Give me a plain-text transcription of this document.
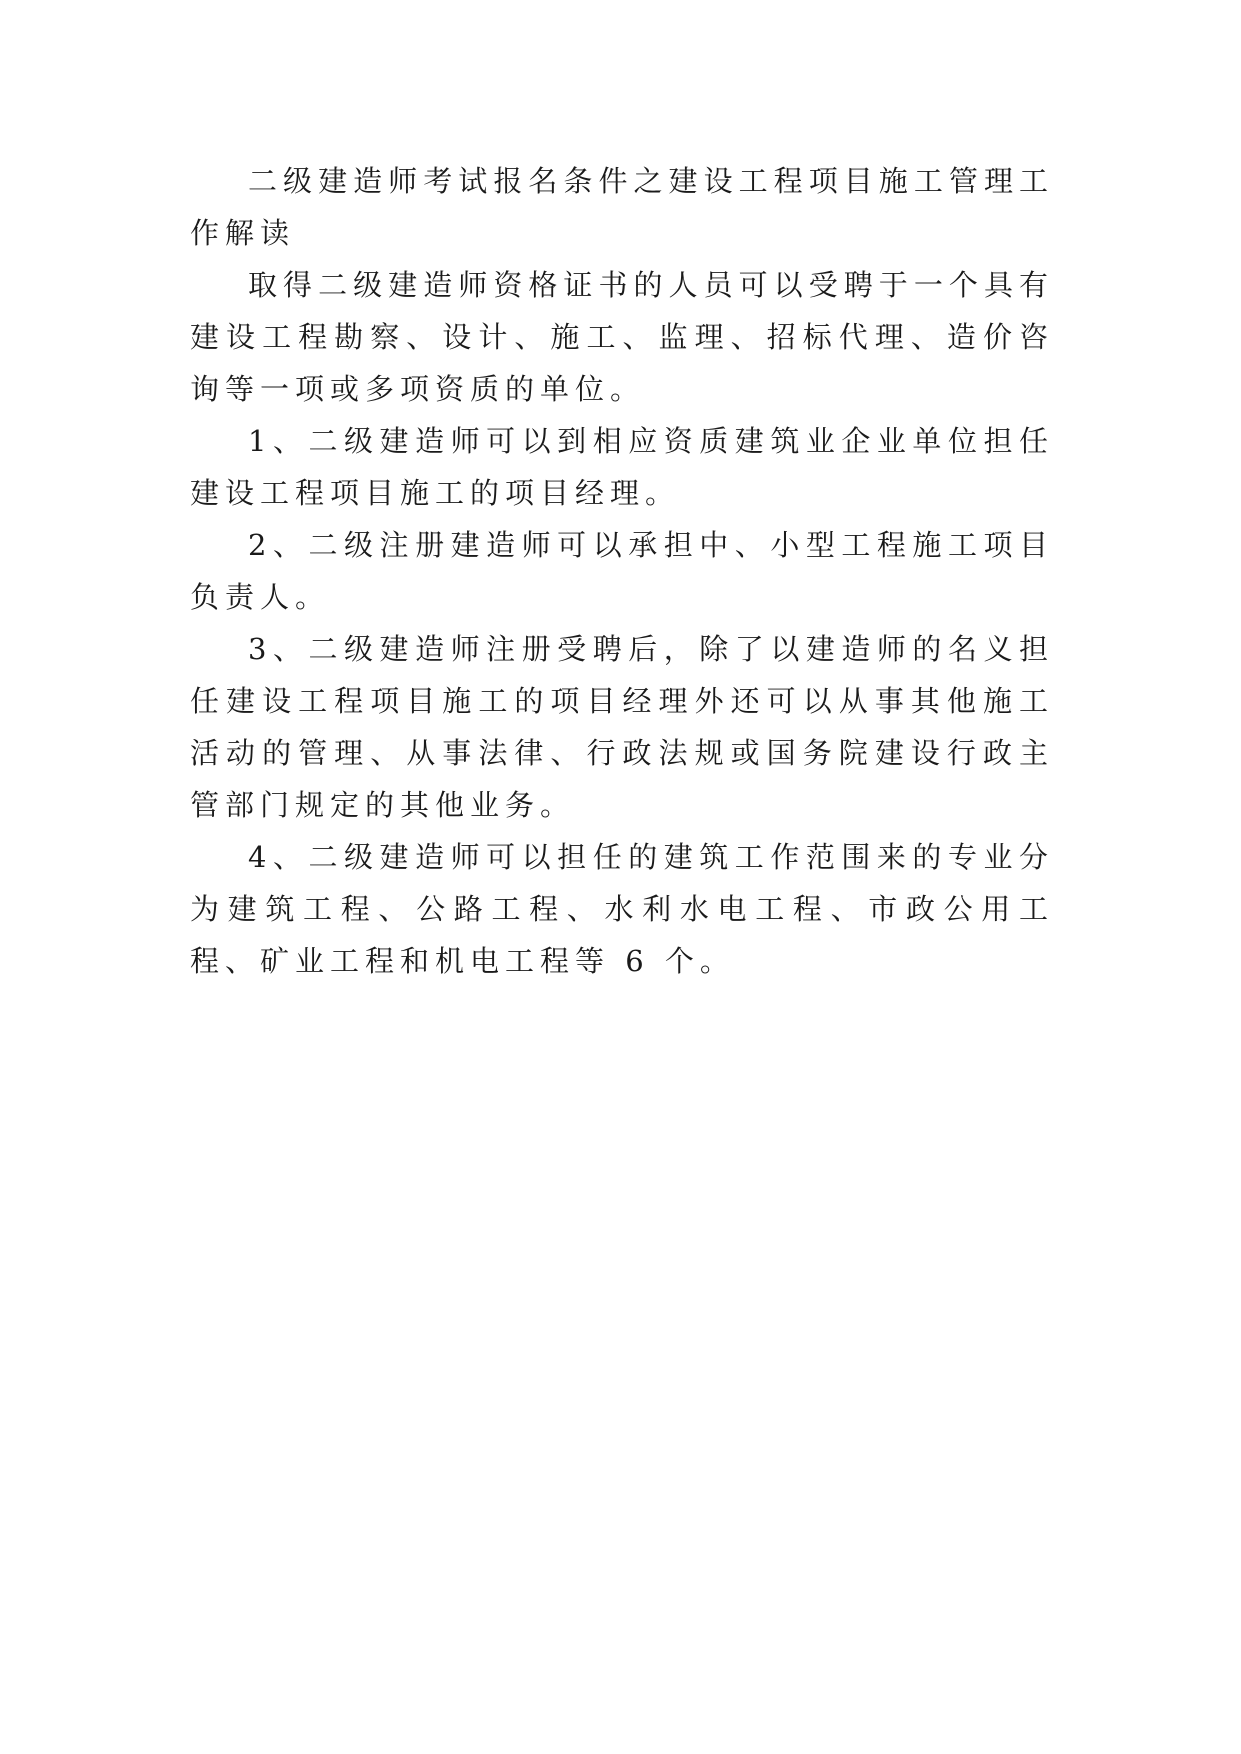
二级建造师考试报名条件之建设工程项目施工管理工作解读

取得二级建造师资格证书的人员可以受聘于一个具有建设工程勘察、设计、施工、监理、招标代理、造价咨询等一项或多项资质的单位。

1、二级建造师可以到相应资质建筑业企业单位担任建设工程项目施工的项目经理。

2、二级注册建造师可以承担中、小型工程施工项目负责人。

3、二级建造师注册受聘后，除了以建造师的名义担任建设工程项目施工的项目经理外还可以从事其他施工活动的管理、从事法律、行政法规或国务院建设行政主管部门规定的其他业务。

4、二级建造师可以担任的建筑工作范围来的专业分为建筑工程、公路工程、水利水电工程、市政公用工程、矿业工程和机电工程等 6 个。
